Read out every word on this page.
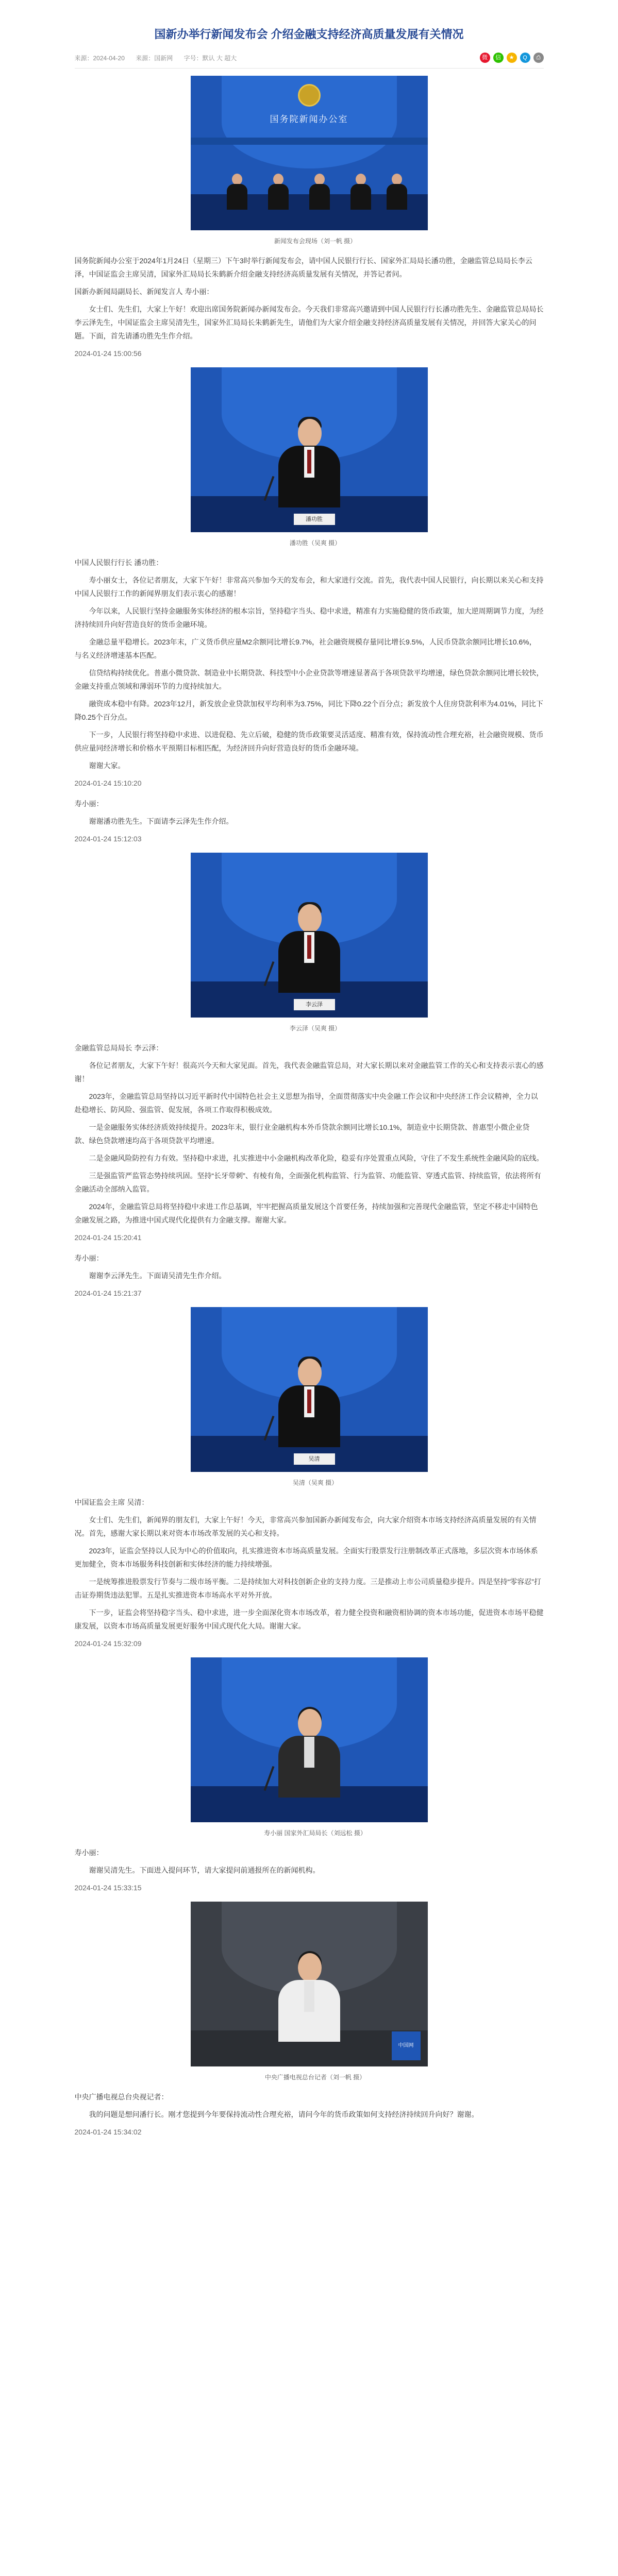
国新办举行新闻发布会 介绍金融支持经济高质量发展有关情况
来源：2024-04-20 来源：国新网 字号：默认 大 超大	微	信	★	Q	⎙
国务院新闻办公室

新闻发布会现场（刘一帆 摄）

国务院新闻办公室于2024年1月24日（星期三）下午3时举行新闻发布会，请中国人民银行行长、国家外汇局局长潘功胜，金融监管总局局长李云泽，中国证监会主席吴清，国家外汇局局长朱鹤新介绍金融支持经济高质量发展有关情况，并答记者问。

国新办新闻局副局长、新闻发言人 寿小丽：

女士们、先生们，大家上午好！欢迎出席国务院新闻办新闻发布会。今天我们非常高兴邀请到中国人民银行行长潘功胜先生、金融监管总局局长李云泽先生，中国证监会主席吴清先生，国家外汇局局长朱鹤新先生，请他们为大家介绍金融支持经济高质量发展有关情况，并回答大家关心的问题。下面，首先请潘功胜先生作介绍。

2024-01-24 15:00:56

潘功胜

潘功胜（吴爽 摄）

中国人民银行行长 潘功胜：

寿小丽女士，各位记者朋友，大家下午好！非常高兴参加今天的发布会，和大家进行交流。首先，我代表中国人民银行，向长期以来关心和支持中国人民银行工作的新闻界朋友们表示衷心的感谢！

今年以来，人民银行坚持金融服务实体经济的根本宗旨，坚持稳字当头、稳中求进，精准有力实施稳健的货币政策，加大逆周期调节力度，为经济持续回升向好营造良好的货币金融环境。

金融总量平稳增长。2023年末，广义货币供应量M2余额同比增长9.7%，社会融资规模存量同比增长9.5%，人民币贷款余额同比增长10.6%，与名义经济增速基本匹配。

信贷结构持续优化。普惠小微贷款、制造业中长期贷款、科技型中小企业贷款等增速显著高于各项贷款平均增速，绿色贷款余额同比增长较快，金融支持重点领域和薄弱环节的力度持续加大。

融资成本稳中有降。2023年12月，新发放企业贷款加权平均利率为3.75%，同比下降0.22个百分点；新发放个人住房贷款利率为4.01%，同比下降0.25个百分点。

下一步，人民银行将坚持稳中求进、以进促稳、先立后破，稳健的货币政策要灵活适度、精准有效，保持流动性合理充裕，社会融资规模、货币供应量同经济增长和价格水平预期目标相匹配，为经济回升向好营造良好的货币金融环境。

谢谢大家。

2024-01-24 15:10:20

寿小丽：

谢谢潘功胜先生。下面请李云泽先生作介绍。

2024-01-24 15:12:03

李云泽

李云泽（吴爽 摄）

金融监管总局局长 李云泽：

各位记者朋友，大家下午好！很高兴今天和大家见面。首先，我代表金融监管总局，对大家长期以来对金融监管工作的关心和支持表示衷心的感谢！

2023年，金融监管总局坚持以习近平新时代中国特色社会主义思想为指导，全面贯彻落实中央金融工作会议和中央经济工作会议精神，全力以赴稳增长、防风险、强监管、促发展，各项工作取得积极成效。

一是金融服务实体经济质效持续提升。2023年末，银行业金融机构本外币贷款余额同比增长10.1%，制造业中长期贷款、普惠型小微企业贷款、绿色贷款增速均高于各项贷款平均增速。

二是金融风险防控有力有效。坚持稳中求进，扎实推进中小金融机构改革化险，稳妥有序处置重点风险，守住了不发生系统性金融风险的底线。

三是强监管严监管态势持续巩固。坚持“长牙带刺”、有棱有角，全面强化机构监管、行为监管、功能监管、穿透式监管、持续监管，依法将所有金融活动全部纳入监管。

2024年，金融监管总局将坚持稳中求进工作总基调，牢牢把握高质量发展这个首要任务，持续加强和完善现代金融监管，坚定不移走中国特色金融发展之路，为推进中国式现代化提供有力金融支撑。谢谢大家。

2024-01-24 15:20:41

寿小丽：

谢谢李云泽先生。下面请吴清先生作介绍。

2024-01-24 15:21:37

吴清

吴清（吴爽 摄）

中国证监会主席 吴清：

女士们、先生们，新闻界的朋友们，大家上午好！今天，非常高兴参加国新办新闻发布会，向大家介绍资本市场支持经济高质量发展的有关情况。首先，感谢大家长期以来对资本市场改革发展的关心和支持。

2023年，证监会坚持以人民为中心的价值取向，扎实推进资本市场高质量发展。全面实行股票发行注册制改革正式落地，多层次资本市场体系更加健全，资本市场服务科技创新和实体经济的能力持续增强。

一是统筹推进股票发行节奏与二级市场平衡。二是持续加大对科技创新企业的支持力度。三是推动上市公司质量稳步提升。四是坚持“零容忍”打击证券期货违法犯罪。五是扎实推进资本市场高水平对外开放。

下一步，证监会将坚持稳字当头、稳中求进，进一步全面深化资本市场改革，着力健全投资和融资相协调的资本市场功能，促进资本市场平稳健康发展，以资本市场高质量发展更好服务中国式现代化大局。谢谢大家。

2024-01-24 15:32:09

寿小丽 国家外汇局局长（刘远松 摄）

寿小丽：

谢谢吴清先生。下面进入提问环节，请大家提问前通报所在的新闻机构。

2024-01-24 15:33:15

中国网

中央广播电视总台记者（刘一帆 摄）

中央广播电视总台央视记者：

我的问题是想问潘行长。刚才您提到今年要保持流动性合理充裕，请问今年的货币政策如何支持经济持续回升向好？谢谢。

2024-01-24 15:34:02
